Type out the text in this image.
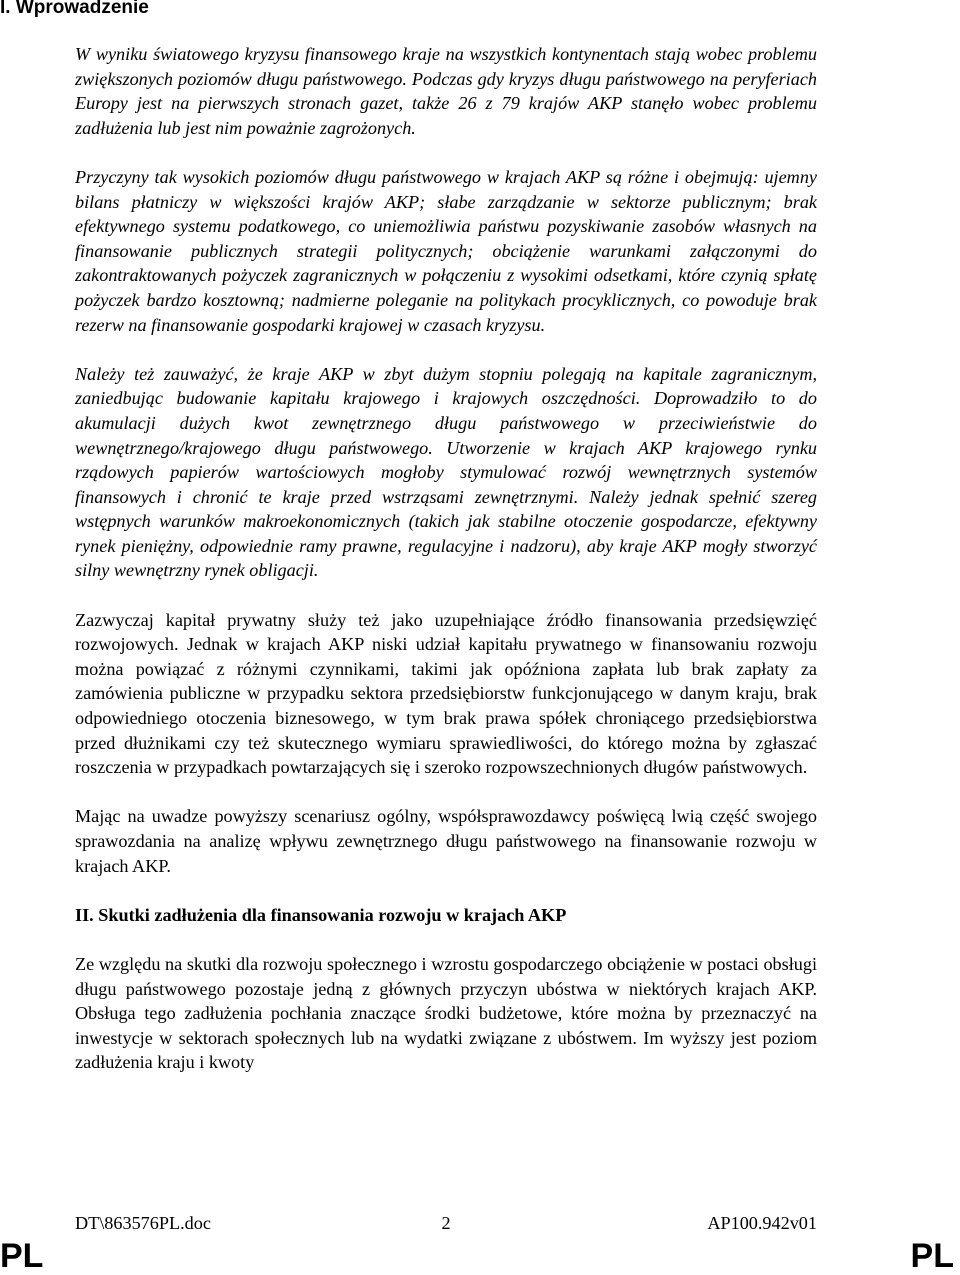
I. Wprowadzenie

W wyniku światowego kryzysu finansowego kraje na wszystkich kontynentach stają wobec problemu zwiększonych poziomów długu państwowego. Podczas gdy kryzys długu państwowego na peryferiach Europy jest na pierwszych stronach gazet, także 26 z 79 krajów AKP stanęło wobec problemu zadłużenia lub jest nim poważnie zagrożonych.

Przyczyny tak wysokich poziomów długu państwowego w krajach AKP są różne i obejmują: ujemny bilans płatniczy w większości krajów AKP; słabe zarządzanie w sektorze publicznym; brak efektywnego systemu podatkowego, co uniemożliwia państwu pozyskiwanie zasobów własnych na finansowanie publicznych strategii politycznych; obciążenie warunkami załączonymi do zakontraktowanych pożyczek zagranicznych w połączeniu z wysokimi odsetkami, które czynią spłatę pożyczek bardzo kosztowną; nadmierne poleganie na politykach procyklicznych, co powoduje brak rezerw na finansowanie gospodarki krajowej w czasach kryzysu.

Należy też zauważyć, że kraje AKP w zbyt dużym stopniu polegają na kapitale zagranicznym, zaniedbując budowanie kapitału krajowego i krajowych oszczędności. Doprowadziło to do akumulacji dużych kwot zewnętrznego długu państwowego w przeciwieństwie do wewnętrznego/krajowego długu państwowego. Utworzenie w krajach AKP krajowego rynku rządowych papierów wartościowych mogłoby stymulować rozwój wewnętrznych systemów finansowych i chronić te kraje przed wstrząsami zewnętrznymi. Należy jednak spełnić szereg wstępnych warunków makroekonomicznych (takich jak stabilne otoczenie gospodarcze, efektywny rynek pieniężny, odpowiednie ramy prawne, regulacyjne i nadzoru), aby kraje AKP mogły stworzyć silny wewnętrzny rynek obligacji.

Zazwyczaj kapitał prywatny służy też jako uzupełniające źródło finansowania przedsięwzięć rozwojowych. Jednak w krajach AKP niski udział kapitału prywatnego w finansowaniu rozwoju można powiązać z różnymi czynnikami, takimi jak opóźniona zapłata lub brak zapłaty za zamówienia publiczne w przypadku sektora przedsiębiorstw funkcjonującego w danym kraju, brak odpowiedniego otoczenia biznesowego, w tym brak prawa spółek chroniącego przedsiębiorstwa przed dłużnikami czy też skutecznego wymiaru sprawiedliwości, do którego można by zgłaszać roszczenia w przypadkach powtarzających się i szeroko rozpowszechnionych długów państwowych.

Mając na uwadze powyższy scenariusz ogólny, współsprawozdawcy poświęcą lwią część swojego sprawozdania na analizę wpływu zewnętrznego długu państwowego na finansowanie rozwoju w krajach AKP.

II. Skutki zadłużenia dla finansowania rozwoju w krajach AKP

Ze względu na skutki dla rozwoju społecznego i wzrostu gospodarczego obciążenie w postaci obsługi długu państwowego pozostaje jedną z głównych przyczyn ubóstwa w niektórych krajach AKP. Obsługa tego zadłużenia pochłania znaczące środki budżetowe, które można by przeznaczyć na inwestycje w sektorach społecznych lub na wydatki związane z ubóstwem. Im wyższy jest poziom zadłużenia kraju i kwoty

DT\863576PL.doc	2	AP100.942v01
PL	PL
